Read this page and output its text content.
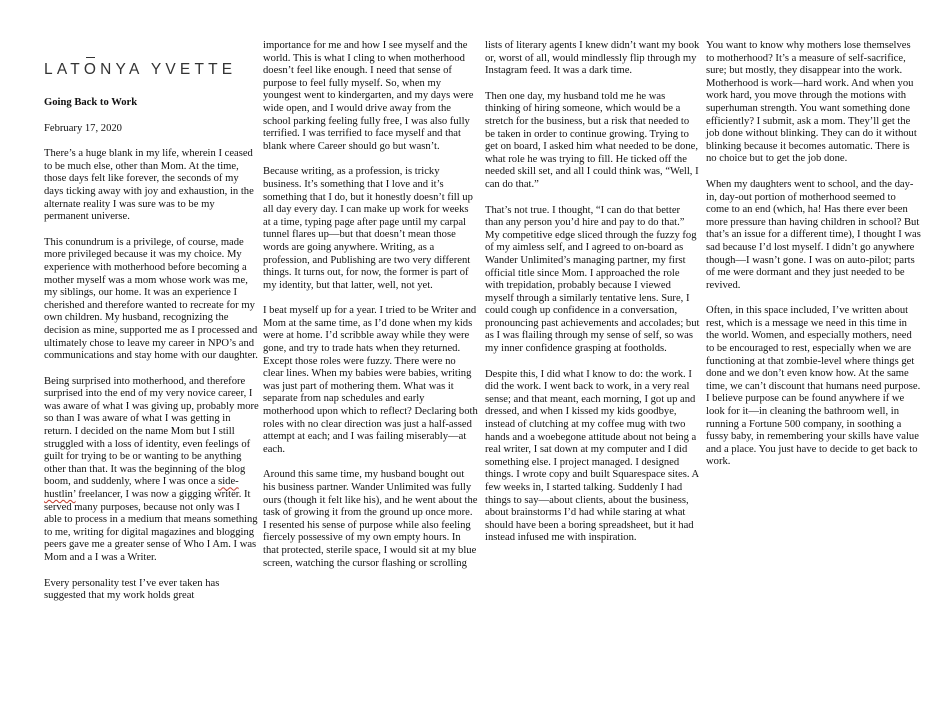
LATONYA YVETTE

Going Back to Work

February 17, 2020

There’s a huge blank in my life, wherein I ceased to be much else, other than Mom. At the time, those days felt like forever, the seconds of my days ticking away with joy and exhaustion, in the alternate reality I was sure was to be my permanent universe.

This conundrum is a privilege, of course, made more privileged because it was my choice. My experience with motherhood before becoming a mother myself was a mom whose work was me, my siblings, our home. It was an experience I cherished and therefore wanted to recreate for my own children. My husband, recognizing the decision as mine, supported me as I processed and ultimately chose to leave my career in NPO’s and communications and stay home with our daughter.

Being surprised into motherhood, and therefore surprised into the end of my very novice career, I was aware of what I was giving up, probably more so than I was aware of what I was getting in return. I decided on the name Mom but I still struggled with a loss of identity, even feelings of guilt for trying to be or wanting to be anything other than that. It was the beginning of the blog boom, and suddenly, where I was once a side-hustlin’ freelancer, I was now a gigging writer. It served many purposes, because not only was I able to process in a medium that means something to me, writing for digital magazines and blogging peers gave me a greater sense of Who I Am. I was Mom and a I was a Writer.

Every personality test I’ve ever taken has suggested that my work holds great

importance for me and how I see myself and the world. This is what I cling to when motherhood doesn’t feel like enough. I need that sense of purpose to feel fully myself. So, when my youngest went to kindergarten, and my days were wide open, and I would drive away from the school parking feeling fully free, I was also fully terrified. I was terrified to face myself and that blank where Career should go but wasn’t.

Because writing, as a profession, is tricky business. It’s something that I love and it’s something that I do, but it honestly doesn’t fill up all day every day. I can make up work for weeks at a time, typing page after page until my carpal tunnel flares up—but that doesn’t mean those words are going anywhere. Writing, as a profession, and Publishing are two very different things. It turns out, for now, the former is part of my identity, but that latter, well, not yet.

I beat myself up for a year. I tried to be Writer and Mom at the same time, as I’d done when my kids were at home. I’d scribble away while they were gone, and try to trade hats when they returned. Except those roles were fuzzy. There were no clear lines. When my babies were babies, writing was just part of mothering them. What was it separate from nap schedules and early motherhood upon which to reflect? Declaring both roles with no clear direction was just a half-assed attempt at each; and I was failing miserably—at each.

Around this same time, my husband bought out his business partner. Wander Unlimited was fully ours (though it felt like his), and he went about the task of growing it from the ground up once more. I resented his sense of purpose while also feeling fiercely possessive of my own empty hours. In that protected, sterile space, I would sit at my blue screen, watching the cursor flashing or scrolling

lists of literary agents I knew didn’t want my book or, worst of all, would mindlessly flip through my Instagram feed. It was a dark time.

Then one day, my husband told me he was thinking of hiring someone, which would be a stretch for the business, but a risk that needed to be taken in order to continue growing. Trying to get on board, I asked him what needed to be done, what role he was trying to fill. He ticked off the needed skill set, and all I could think was, “Well, I can do that.”

That’s not true. I thought, “I can do that better than any person you’d hire and pay to do that.” My competitive edge sliced through the fuzzy fog of my aimless self, and I agreed to on-board as Wander Unlimited’s managing partner, my first official title since Mom. I approached the role with trepidation, probably because I viewed myself through a similarly tentative lens. Sure, I could cough up confidence in a conversation, pronouncing past achievements and accolades; but as I was flailing through my sense of self, so was my inner confidence grasping at footholds.

Despite this, I did what I know to do: the work. I did the work. I went back to work, in a very real sense; and that meant, each morning, I got up and dressed, and when I kissed my kids goodbye, instead of clutching at my coffee mug with two hands and a woebegone attitude about not being a real writer, I sat down at my computer and I did something else. I project managed. I designed things. I wrote copy and built Squarespace sites. A few weeks in, I started talking. Suddenly I had things to say—about clients, about the business, about brainstorms I’d had while staring at what should have been a boring spreadsheet, but it had instead infused me with inspiration.

You want to know why mothers lose themselves to motherhood? It’s a measure of self-sacrifice, sure; but mostly, they disappear into the work. Motherhood is work—hard work. And when you work hard, you move through the motions with superhuman strength. You want something done efficiently? I submit, ask a mom. They’ll get the job done without blinking. They can do it without blinking because it becomes automatic. There is no choice but to get the job done.

When my daughters went to school, and the day-in, day-out portion of motherhood seemed to come to an end (which, ha! Has there ever been more pressure than having children in school? But that’s an issue for a different time), I thought I was sad because I’d lost myself. I didn’t go anywhere though—I wasn’t gone. I was on auto-pilot; parts of me were dormant and they just needed to be revived.

Often, in this space included, I’ve written about rest, which is a message we need in this time in the world. Women, and especially mothers, need to be encouraged to rest, especially when we are functioning at that zombie-level where things get done and we don’t even know how. At the same time, we can’t discount that humans need purpose. I believe purpose can be found anywhere if we look for it—in cleaning the bathroom well, in running a Fortune 500 company, in soothing a fussy baby, in remembering your skills have value and a place. You just have to decide to get back to work.
